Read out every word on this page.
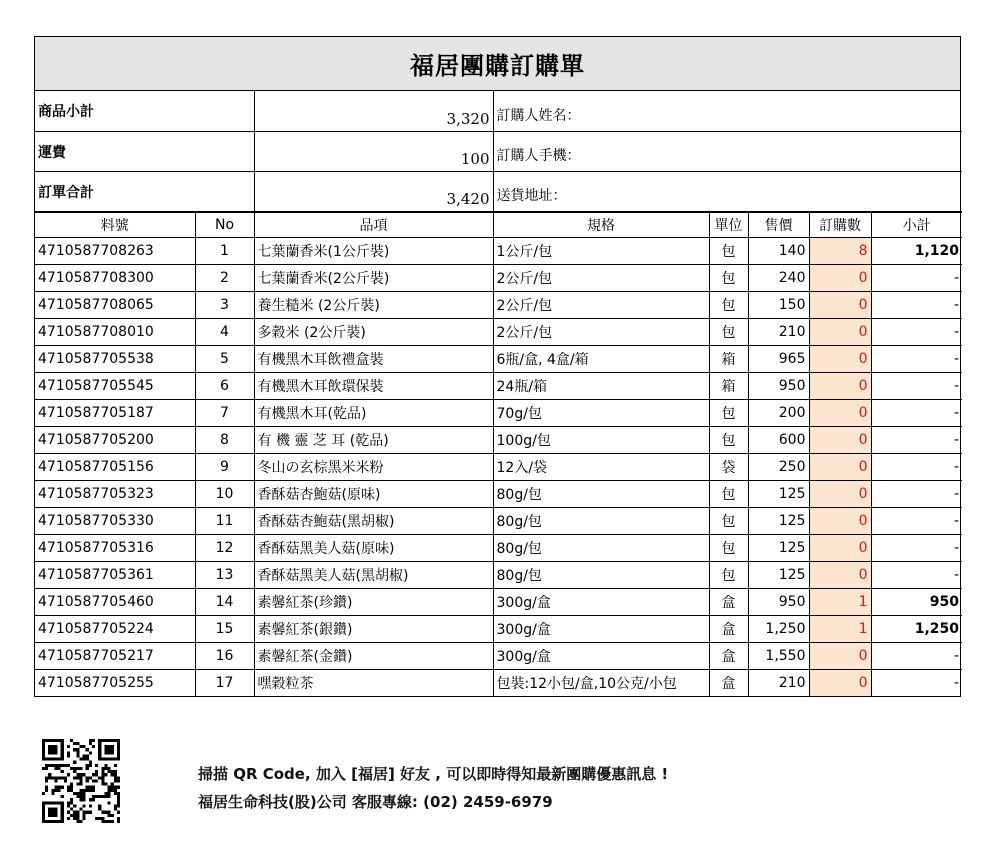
福居團購訂購單
商品小計	3,320	訂購人姓名：
運費	100	訂購人手機：
訂單合計	3,420	送貨地址：
料號	No	品項	規格	單位	售價	訂購數	小計
4710587708263	1	七葉蘭香米(1公斤裝)	1公斤/包	包	140	8	1,120
4710587708300	2	七葉蘭香米(2公斤裝)	2公斤/包	包	240	0	-
4710587708065	3	養生糙米 (2公斤裝)	2公斤/包	包	150	0	-
4710587708010	4	多穀米 (2公斤裝)	2公斤/包	包	210	0	-
4710587705538	5	有機黑木耳飲禮盒裝	6瓶/盒, 4盒/箱	箱	965	0	-
4710587705545	6	有機黑木耳飲環保裝	24瓶/箱	箱	950	0	-
4710587705187	7	有機黑木耳(乾品)	70g/包	包	200	0	-
4710587705200	8	有 機 靈 芝 耳 (乾品)	100g/包	包	600	0	-
4710587705156	9	冬山の玄棕黑米米粉	12入/袋	袋	250	0	-
4710587705323	10	香酥菇杏鮑菇(原味)	80g/包	包	125	0	-
4710587705330	11	香酥菇杏鮑菇(黑胡椒)	80g/包	包	125	0	-
4710587705316	12	香酥菇黑美人菇(原味)	80g/包	包	125	0	-
4710587705361	13	香酥菇黑美人菇(黑胡椒)	80g/包	包	125	0	-
4710587705460	14	素馨紅茶(珍鑽)	300g/盒	盒	950	1	950
4710587705224	15	素馨紅茶(銀鑽)	300g/盒	盒	1,250	1	1,250
4710587705217	16	素馨紅茶(金鑽)	300g/盒	盒	1,550	0	-
4710587705255	17	嘿穀粒茶	包裝:12小包/盒,10公克/小包	盒	210	0	-
掃描 QR Code, 加入 [福居] 好友 , 可以即時得知最新團購優惠訊息 !
福居生命科技(股)公司 客服專線: (02) 2459-6979
